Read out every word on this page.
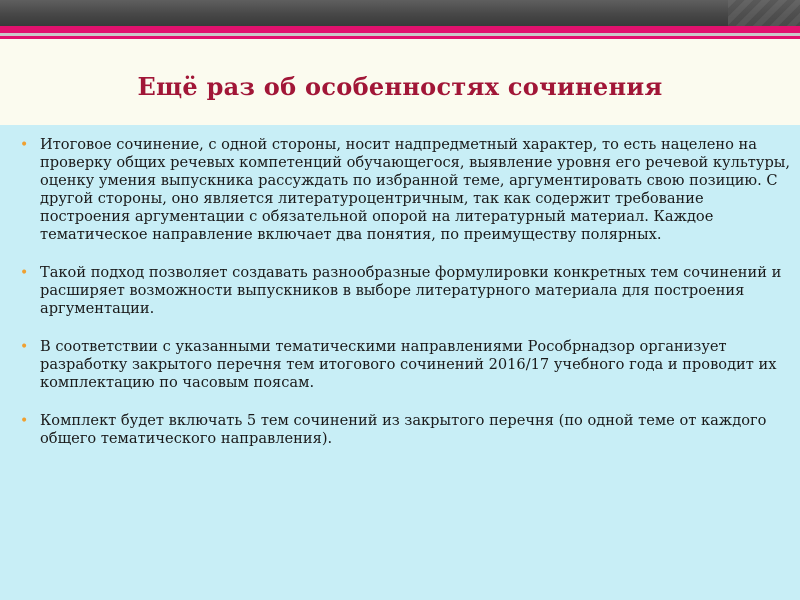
Ещё раз об особенностях сочинения
• Итоговое сочинение, с одной стороны, носит надпредметный характер, то есть нацелено на проверку общих речевых компетенций обучающегося, выявление уровня его речевой культуры, оценку умения выпускника рассуждать по избранной теме, аргументировать свою позицию. С другой стороны, оно является литературоцентричным, так как содержит требование построения аргументации с обязательной опорой на литературный материал. Каждое тематическое направление включает два понятия, по преимуществу полярных.
• Такой подход позволяет создавать разнообразные формулировки конкретных тем сочинений и расширяет возможности выпускников в выборе литературного материала для построения аргументации.
• В соответствии с указанными тематическими направлениями Рособрнадзор организует разработку закрытого перечня тем итогового сочинений 2016/17 учебного года и проводит их комплектацию по часовым поясам.
• Комплект будет включать 5 тем сочинений из закрытого перечня (по одной теме от каждого общего тематического направления).
